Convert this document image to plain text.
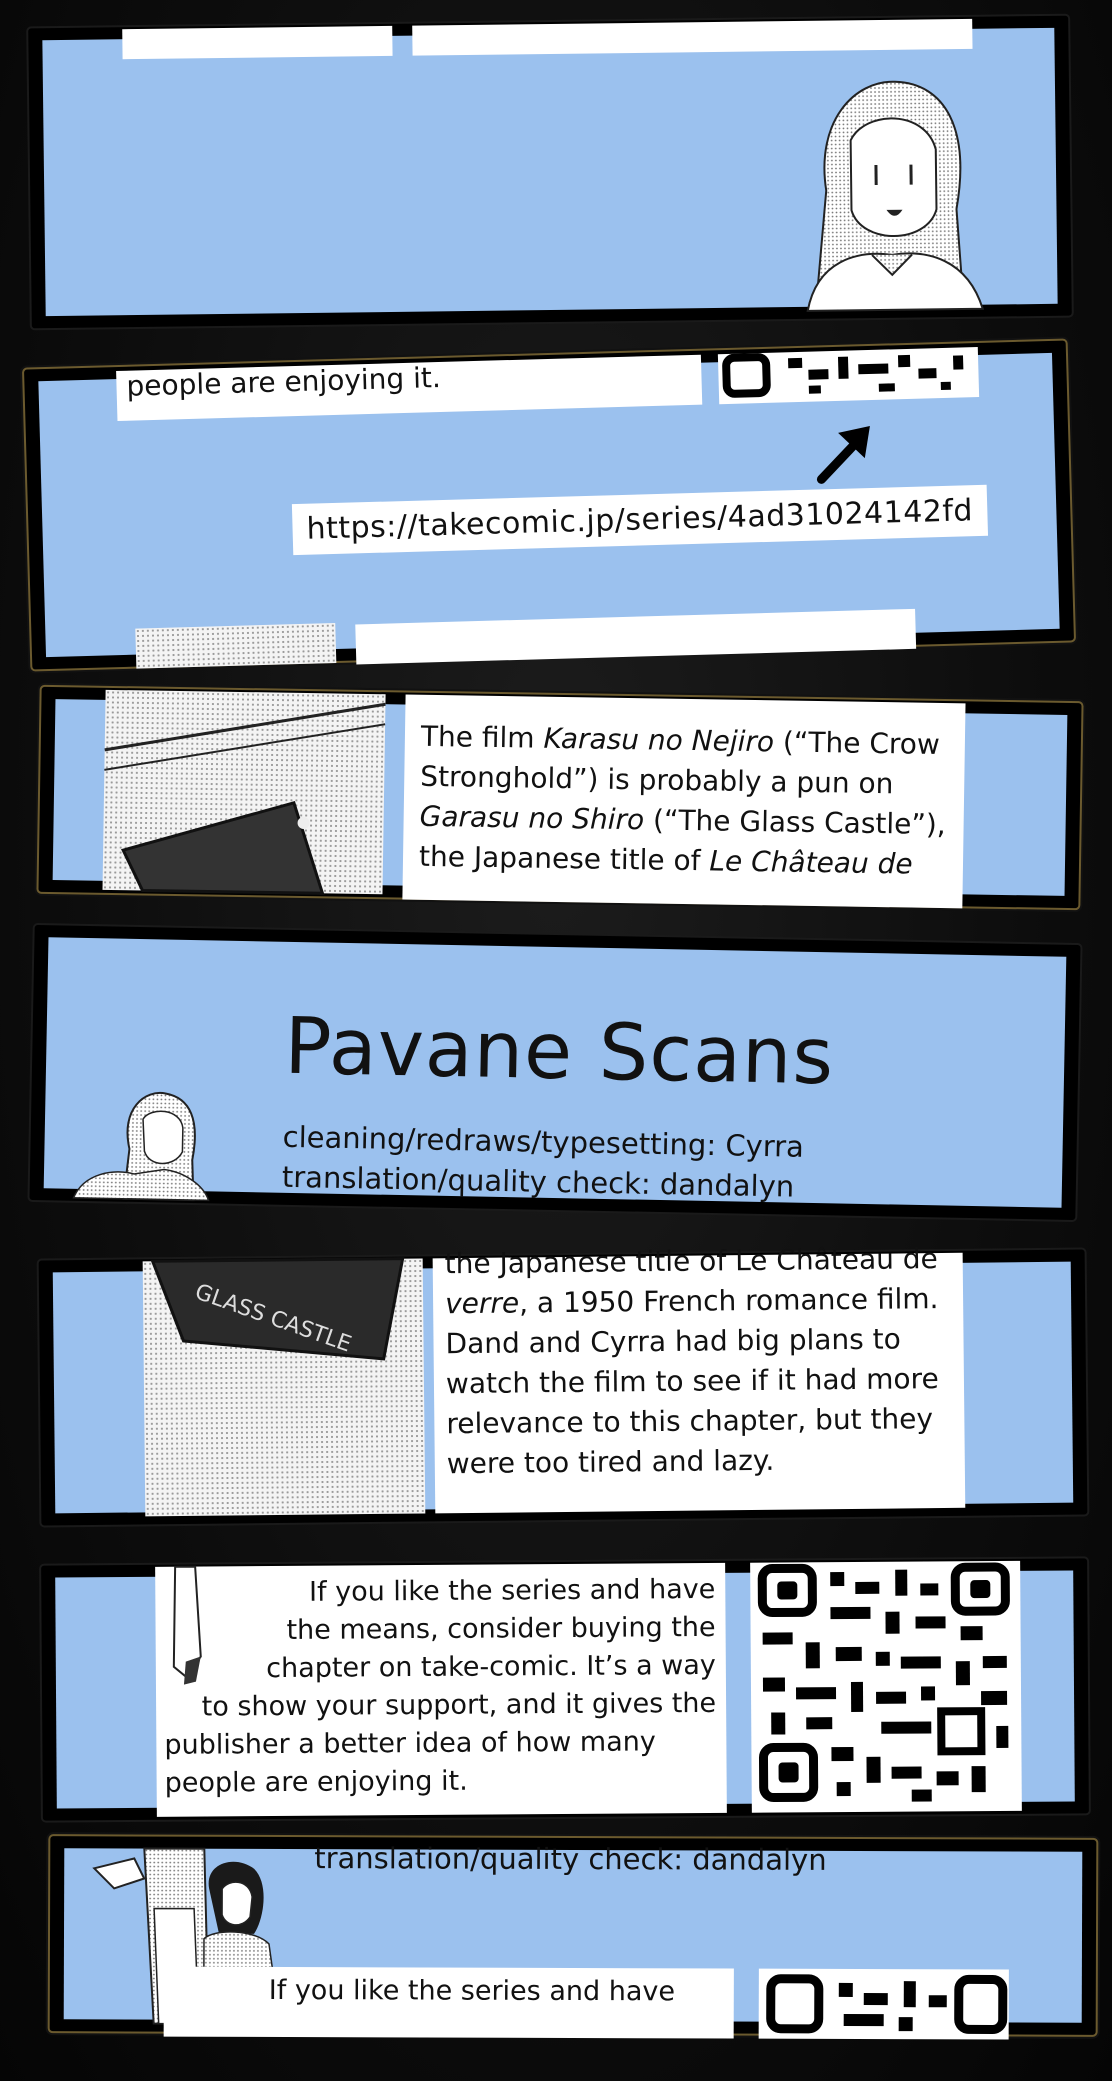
people are enjoying it.
https://takecomic.jp/series/4ad31024142fd

The film Karasu no Nejiro (“The Crow

Stronghold”) is probably a pun on

Garasu no Shiro (“The Glass Castle”),

the Japanese title of Le Château de

Pavane Scans
cleaning/redraws/typesetting: Cyrra
translation/quality check: dandalyn
GLASS CASTLE

the Japanese title of Le Château de

verre, a 1950 French romance film.

Dand and Cyrra had big plans to

watch the film to see if it had more

relevance to this chapter, but they

were too tired and lazy.

If you like the series and have
the means, consider buying the
chapter on take-comic. It’s a way
to show your support, and it gives the
publisher a better idea of how many
people are enjoying it.
translation/quality check: dandalyn
If you like the series and have
